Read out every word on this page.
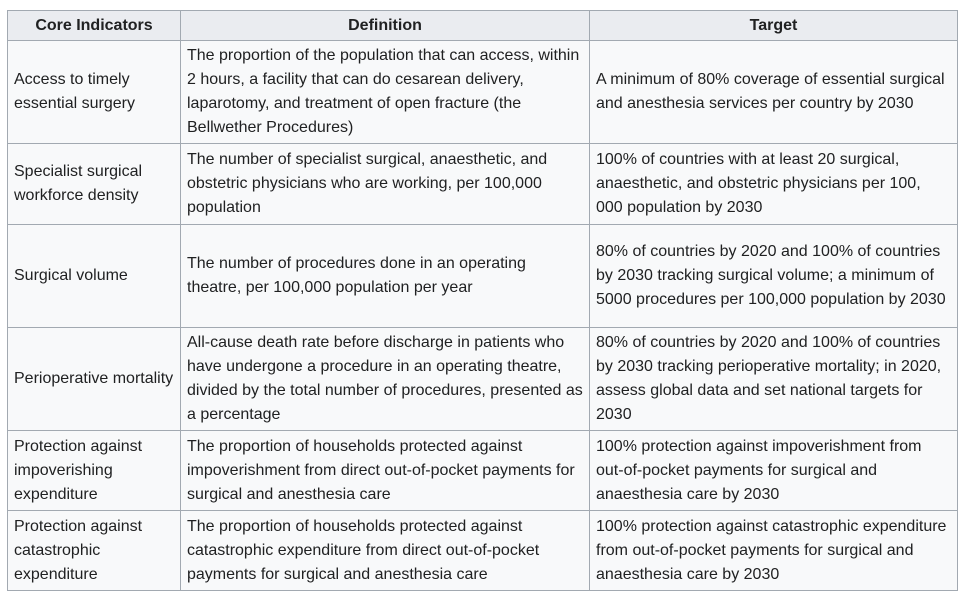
Core Indicators	Definition	Target
Access to timely essential surgery	The proportion of the population that can access, within 2 hours, a facility that can do cesarean delivery, laparotomy, and treatment of open fracture (the Bellwether Procedures)	A minimum of 80% coverage of essential surgical and anesthesia services per country by 2030
Specialist surgical workforce density	The number of specialist surgical, anaesthetic, and obstetric physicians who are working, per 100,000 population	100% of countries with at least 20 surgical, anaesthetic, and obstetric physicians per 100, 000 population by 2030
Surgical volume	The number of procedures done in an operating theatre, per 100,000 population per year	80% of countries by 2020 and 100% of countries by 2030 tracking surgical volume; a minimum of 5000 procedures per 100,000 population by 2030
Perioperative mortality	All-cause death rate before discharge in patients who have undergone a procedure in an operating theatre, divided by the total number of procedures, presented as a percentage	80% of countries by 2020 and 100% of countries by 2030 tracking perioperative mortality; in 2020, assess global data and set national targets for 2030
Protection against impoverishing expenditure	The proportion of households protected against impoverishment from direct out-of-pocket payments for surgical and anesthesia care	100% protection against impoverishment from out-of-pocket payments for surgical and anaesthesia care by 2030
Protection against catastrophic expenditure	The proportion of households protected against catastrophic expenditure from direct out-of-pocket payments for surgical and anesthesia care	100% protection against catastrophic expenditure from out-of-pocket payments for surgical and anaesthesia care by 2030
